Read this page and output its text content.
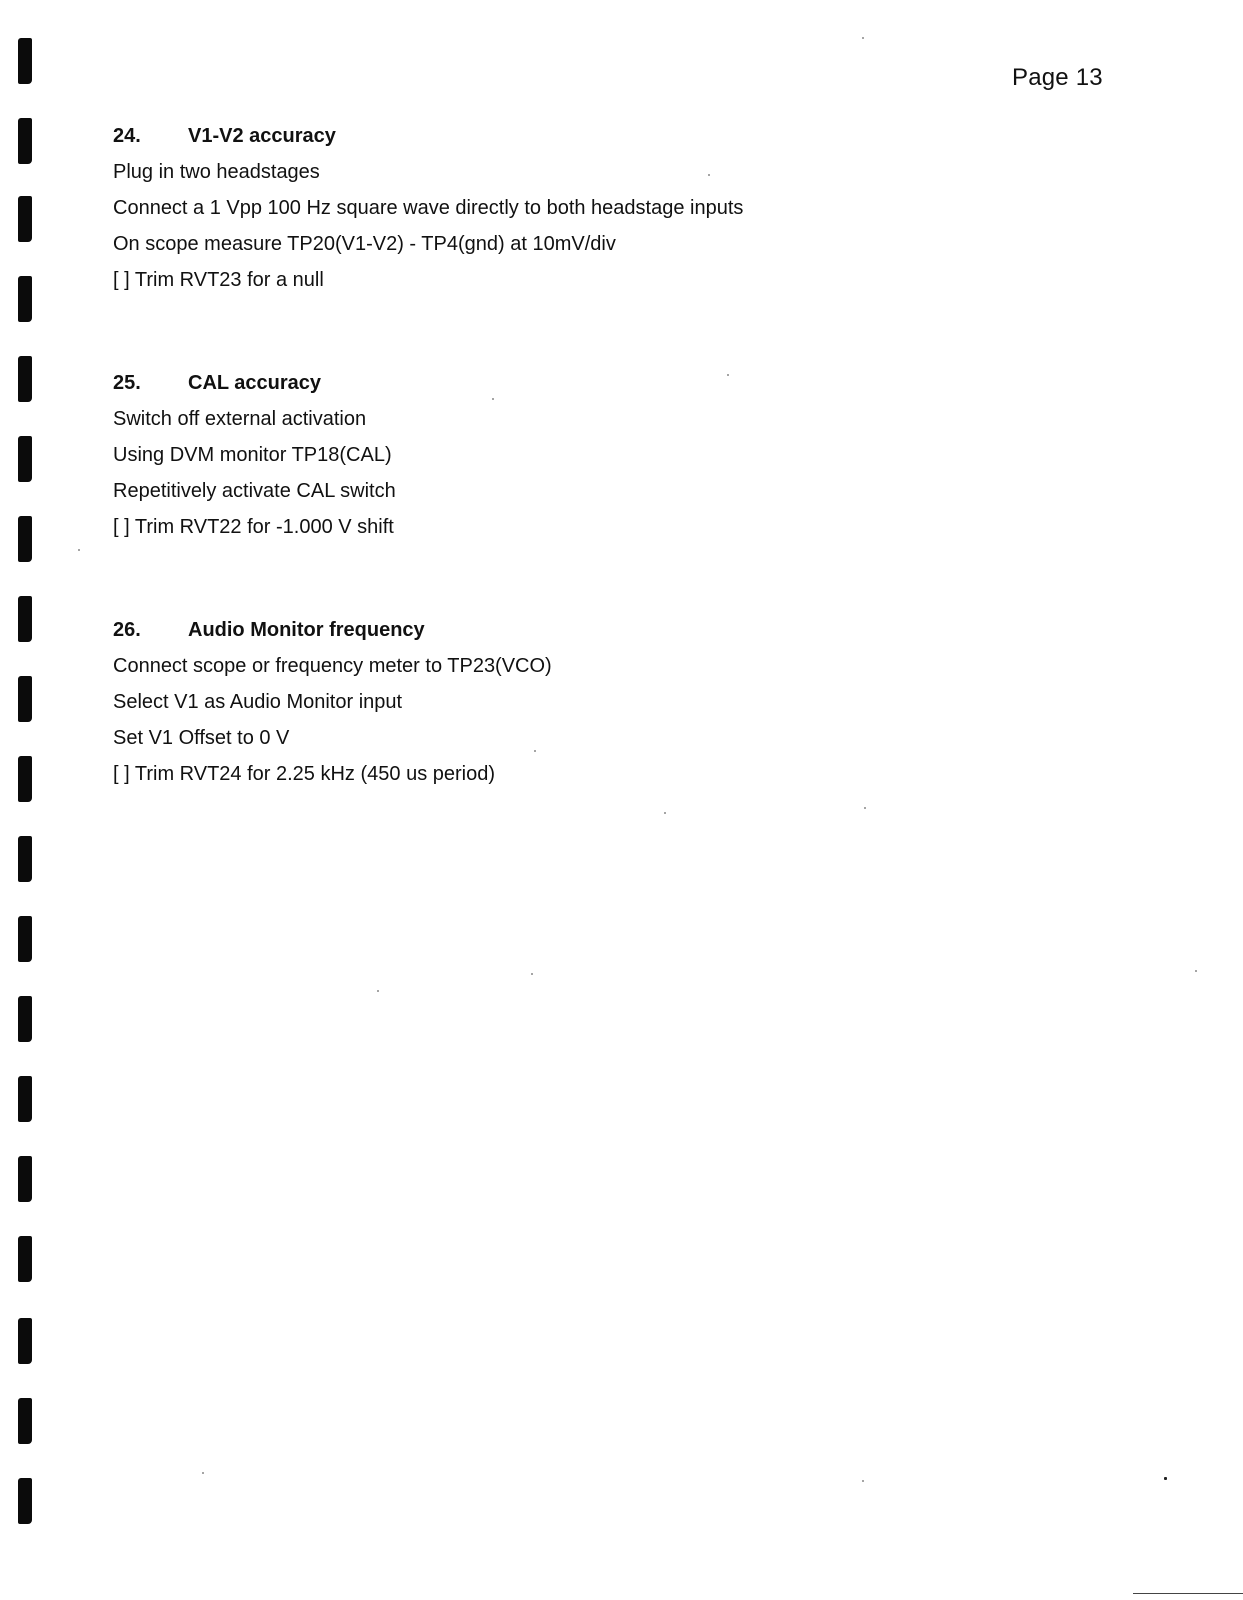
Page 13
24. V1-V2 accuracy
Plug in two headstages
Connect a 1 Vpp 100 Hz square wave directly to both headstage inputs
On scope measure TP20(V1-V2) - TP4(gnd) at 10mV/div
[ ] Trim RVT23 for a null
25. CAL accuracy
Switch off external activation
Using DVM monitor TP18(CAL)
Repetitively activate CAL switch
[ ] Trim RVT22 for -1.000 V shift
26. Audio Monitor frequency
Connect scope or frequency meter to TP23(VCO)
Select V1 as Audio Monitor input
Set V1 Offset to 0 V
[ ] Trim RVT24 for 2.25 kHz (450 us period)
